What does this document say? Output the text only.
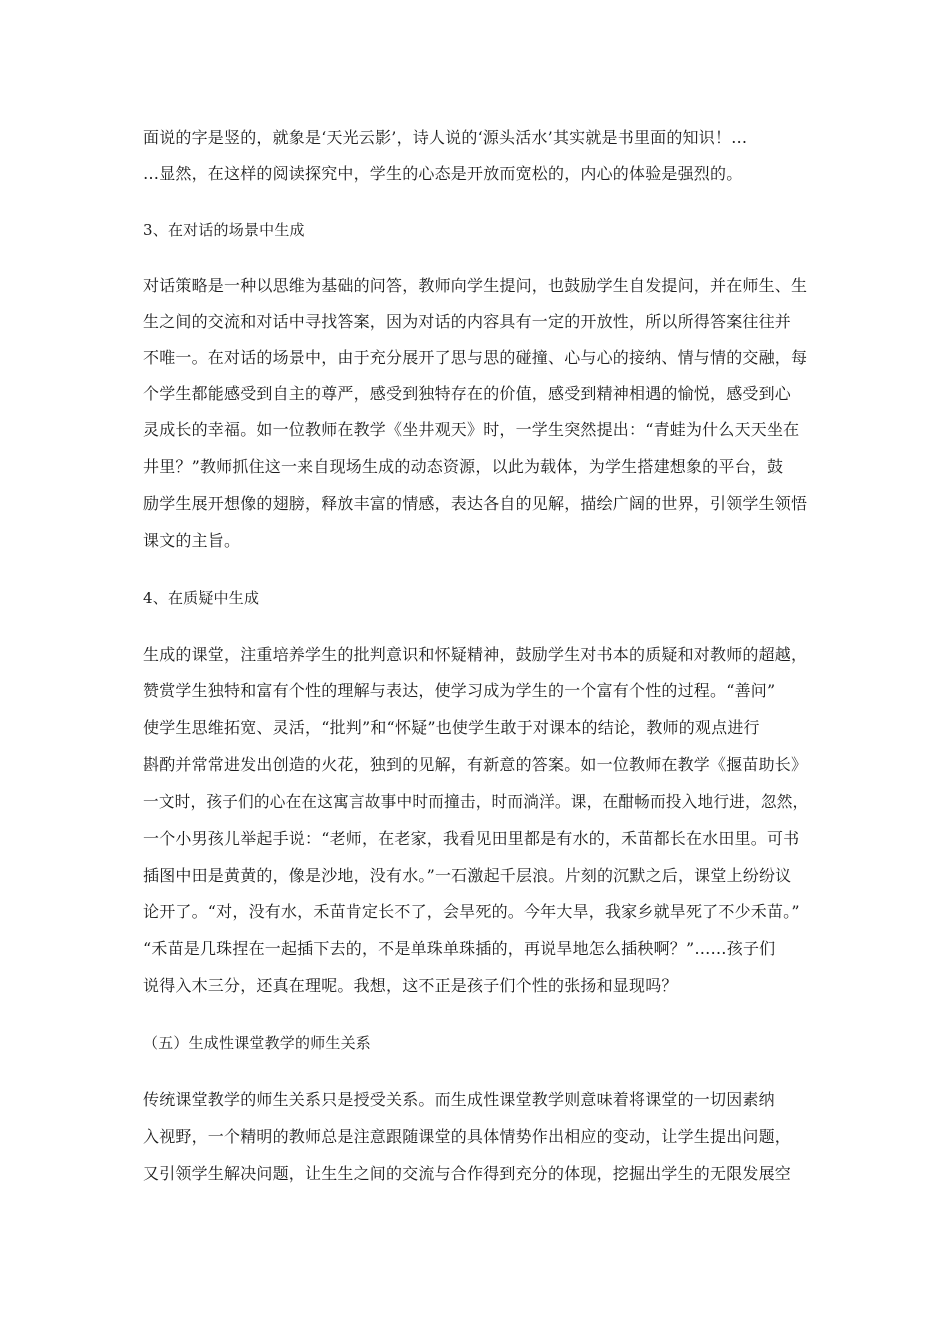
面说的字是竖的，就象是‘天光云影’，诗人说的‘源头活水’其实就是书里面的知识！…
…显然，在这样的阅读探究中，学生的心态是开放而宽松的，内心的体验是强烈的。
3、在对话的场景中生成
对话策略是一种以思维为基础的问答，教师向学生提问，也鼓励学生自发提问，并在师生、生
生之间的交流和对话中寻找答案，因为对话的内容具有一定的开放性，所以所得答案往往并
不唯一。在对话的场景中，由于充分展开了思与思的碰撞、心与心的接纳、情与情的交融，每
个学生都能感受到自主的尊严，感受到独特存在的价值，感受到精神相遇的愉悦，感受到心
灵成长的幸福。如一位教师在教学《坐井观天》时，一学生突然提出：“青蛙为什么天天坐在
井里？”教师抓住这一来自现场生成的动态资源，以此为载体，为学生搭建想象的平台，鼓
励学生展开想像的翅膀，释放丰富的情感，表达各自的见解，描绘广阔的世界，引领学生领悟
课文的主旨。
4、在质疑中生成
生成的课堂，注重培养学生的批判意识和怀疑精神，鼓励学生对书本的质疑和对教师的超越，
赞赏学生独特和富有个性的理解与表达，使学习成为学生的一个富有个性的过程。“善问”
使学生思维拓宽、灵活，“批判”和“怀疑”也使学生敢于对课本的结论，教师的观点进行
斟酌并常常进发出创造的火花，独到的见解，有新意的答案。如一位教师在教学《揠苗助长》
一文时，孩子们的心在在这寓言故事中时而撞击，时而淌洋。课，在酣畅而投入地行进，忽然，
一个小男孩儿举起手说：“老师，在老家，我看见田里都是有水的，禾苗都长在水田里。可书
插图中田是黄黄的，像是沙地，没有水。”一石激起千层浪。片刻的沉默之后，课堂上纷纷议
论开了。“对，没有水，禾苗肯定长不了，会旱死的。今年大旱，我家乡就旱死了不少禾苗。”
“禾苗是几珠捏在一起插下去的，不是单珠单珠插的，再说旱地怎么插秧啊？”……孩子们
说得入木三分，还真在理呢。我想，这不正是孩子们个性的张扬和显现吗？
（五）生成性课堂教学的师生关系
传统课堂教学的师生关系只是授受关系。而生成性课堂教学则意味着将课堂的一切因素纳
入视野，一个精明的教师总是注意跟随课堂的具体情势作出相应的变动，让学生提出问题，
又引领学生解决问题，让生生之间的交流与合作得到充分的体现，挖掘出学生的无限发展空
